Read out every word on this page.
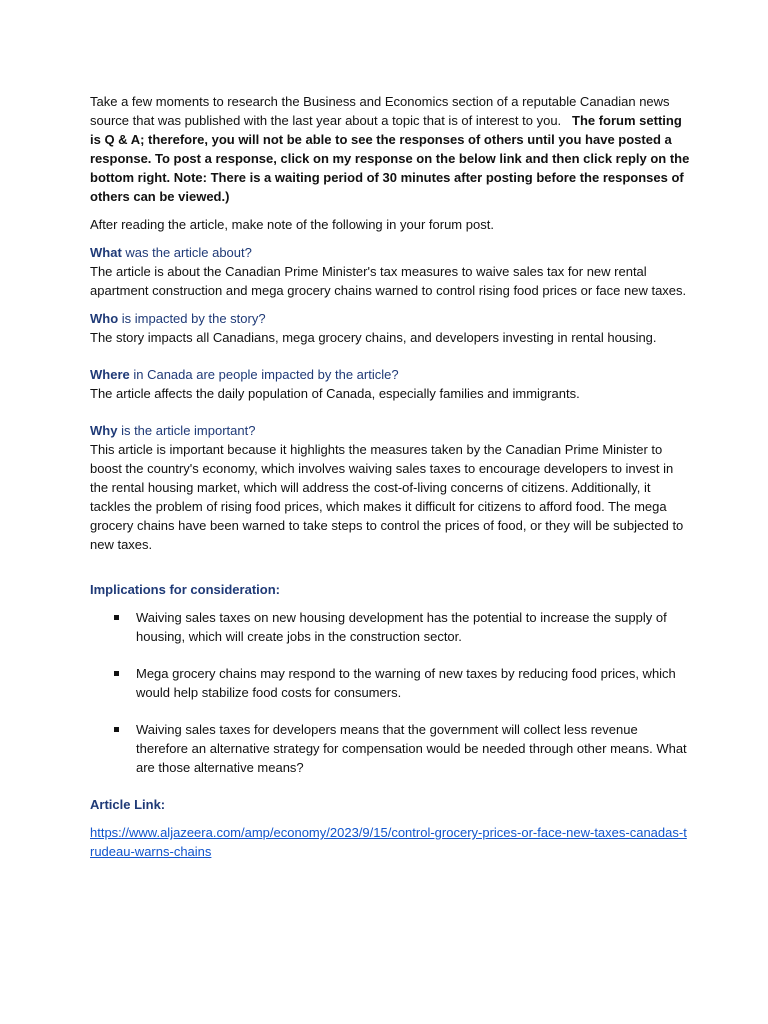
Take a few moments to research the Business and Economics section of a reputable Canadian news source that was published with the last year about a topic that is of interest to you. The forum setting is Q & A; therefore, you will not be able to see the responses of others until you have posted a response. To post a response, click on my response on the below link and then click reply on the bottom right. Note: There is a waiting period of 30 minutes after posting before the responses of others can be viewed.)

After reading the article, make note of the following in your forum post.

What was the article about?

The article is about the Canadian Prime Minister's tax measures to waive sales tax for new rental apartment construction and mega grocery chains warned to control rising food prices or face new taxes.

Who is impacted by the story?

The story impacts all Canadians, mega grocery chains, and developers investing in rental housing.

Where in Canada are people impacted by the article?

The article affects the daily population of Canada, especially families and immigrants.

Why is the article important?

This article is important because it highlights the measures taken by the Canadian Prime Minister to boost the country's economy, which involves waiving sales taxes to encourage developers to invest in the rental housing market, which will address the cost-of-living concerns of citizens. Additionally, it tackles the problem of rising food prices, which makes it difficult for citizens to afford food. The mega grocery chains have been warned to take steps to control the prices of food, or they will be subjected to new taxes.

Implications for consideration:

Waiving sales taxes on new housing development has the potential to increase the supply of housing, which will create jobs in the construction sector.
Mega grocery chains may respond to the warning of new taxes by reducing food prices, which would help stabilize food costs for consumers.
Waiving sales taxes for developers means that the government will collect less revenue therefore an alternative strategy for compensation would be needed through other means. What are those alternative means?

Article Link:

https://www.aljazeera.com/amp/economy/2023/9/15/control-grocery-prices-or-face-new-taxes-canadas-trudeau-warns-chains
